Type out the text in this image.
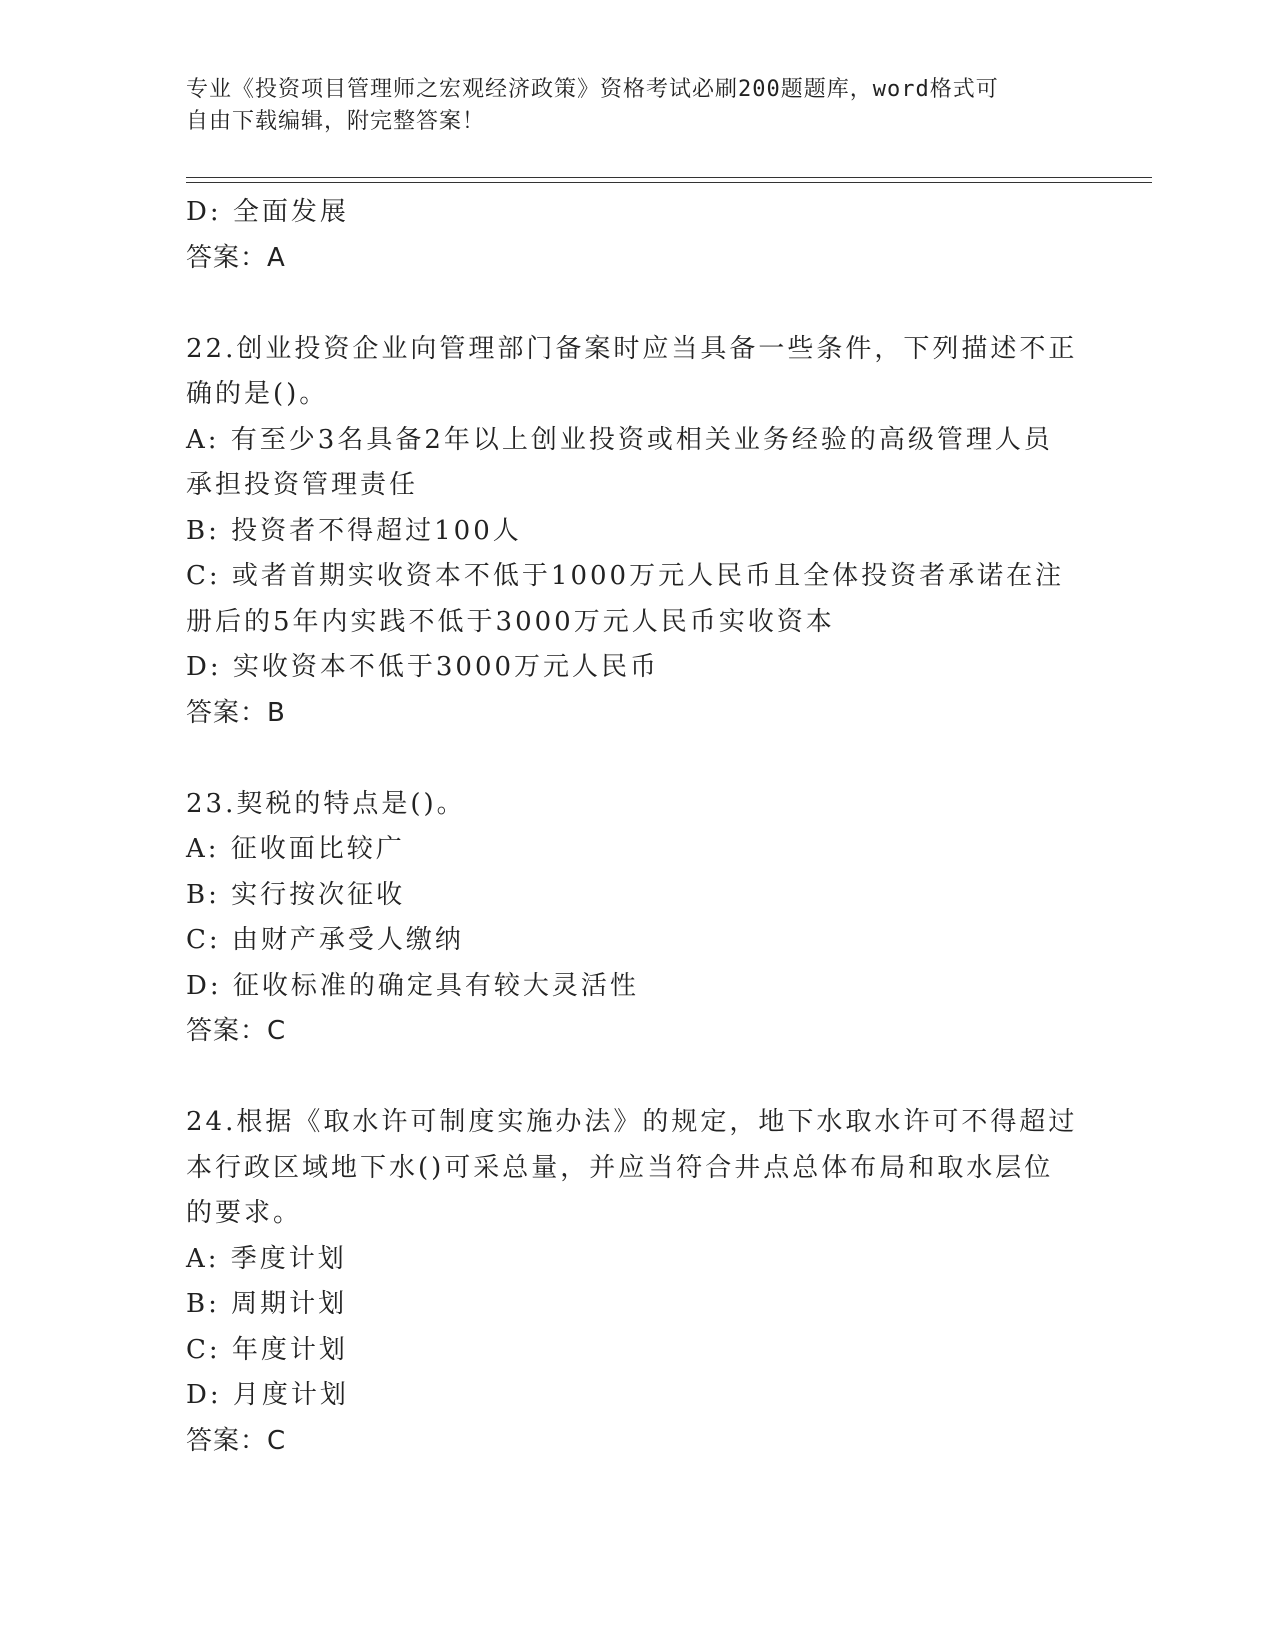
专业《投资项目管理师之宏观经济政策》资格考试必刷200题题库，word格式可
自由下载编辑，附完整答案！
D: 全面发展
答案：A
22.创业投资企业向管理部门备案时应当具备一些条件，下列描述不正
确的是()。
A: 有至少3名具备2年以上创业投资或相关业务经验的高级管理人员
承担投资管理责任
B: 投资者不得超过100人
C: 或者首期实收资本不低于1000万元人民币且全体投资者承诺在注
册后的5年内实践不低于3000万元人民币实收资本
D: 实收资本不低于3000万元人民币
答案：B
23.契税的特点是()。
A: 征收面比较广
B: 实行按次征收
C: 由财产承受人缴纳
D: 征收标准的确定具有较大灵活性
答案：C
24.根据《取水许可制度实施办法》的规定，地下水取水许可不得超过
本行政区域地下水()可采总量，并应当符合井点总体布局和取水层位
的要求。
A: 季度计划
B: 周期计划
C: 年度计划
D: 月度计划
答案：C
